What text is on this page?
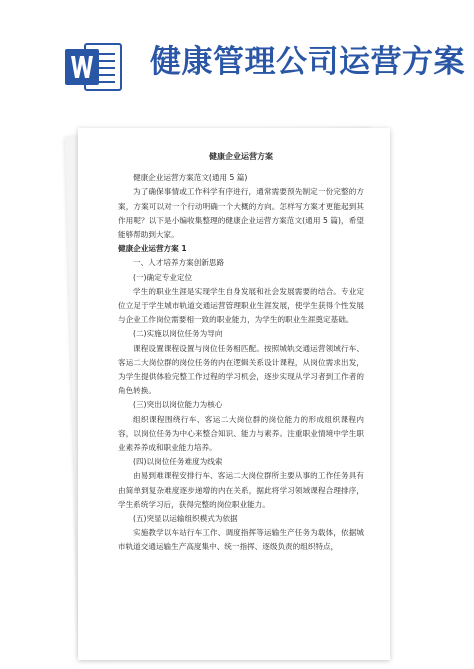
健康管理公司运营方案
健康企业运营方案

健康企业运营方案范文(通用 5 篇)

为了确保事情或工作科学有序进行，通常需要预先制定一份完整的方案，方案可以对一个行动明确一个大概的方向。怎样写方案才更能起到其作用呢？以下是小编收集整理的健康企业运营方案范文(通用 5 篇)，希望能够帮助到大家。

健康企业运营方案 1

一、人才培养方案创新思路

(一)确定专业定位

学生的职业生涯是实现学生自身发展和社会发展需要的结合。专业定位立足于学生城市轨道交通运营管理职业生涯发展，使学生获得个性发展与企业工作岗位需要相一致的职业能力，为学生的职业生涯奠定基础。

(二)实施以岗位任务为导向

课程设置课程设置与岗位任务相匹配。按照城轨交通运营领域行车、客运二大岗位群的岗位任务的内在逻辑关系设计课程，从岗位需求出发，为学生提供体验完整工作过程的学习机会，逐步实现从学习者到工作者的角色转换。

(三)突出以岗位能力为核心

组织课程围绕行车、客运二大岗位群的岗位能力的形成组织课程内容，以岗位任务为中心来整合知识、能力与素养。注重职业情境中学生职业素养养成和职业能力培养。

(四)以岗位任务难度为线索

由易到难课程安排行车、客运二大岗位群所主要从事的工作任务具有由简单到复杂难度逐步递增的内在关系，据此将学习领域课程合理排序，学生系统学习后，获得完整的岗位职业能力。

(五)突显以运输组织模式为依据

实施教学以车站行车工作、调度指挥等运输生产任务为载体，依据城市轨道交通运输生产高度集中、统一指挥、逐级负责的组织特点，
